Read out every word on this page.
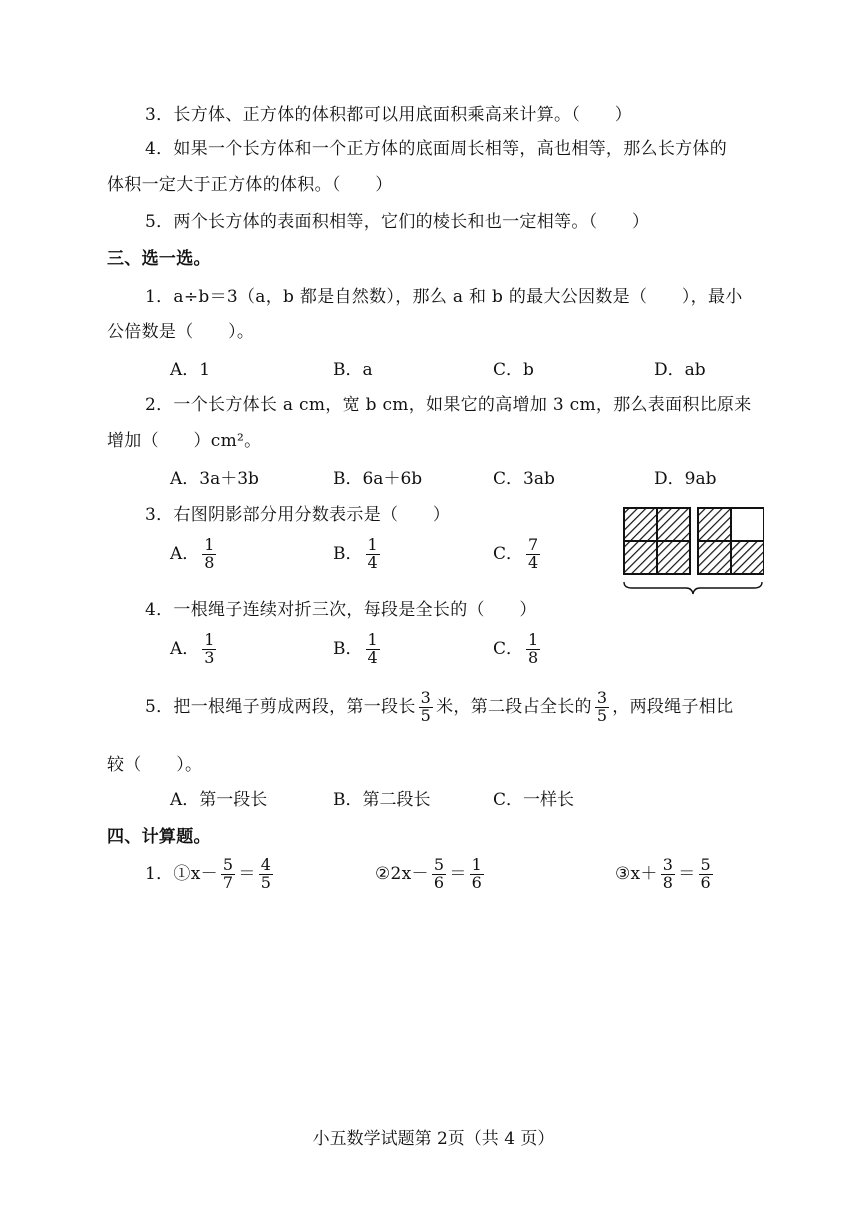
3．长方体、正方体的体积都可以用底面积乘高来计算。（　　）
4．如果一个长方体和一个正方体的底面周长相等，高也相等，那么长方体的
体积一定大于正方体的体积。（　　）
5．两个长方体的表面积相等，它们的棱长和也一定相等。（　　）
三、选一选。
1．a÷b＝3（a，b 都是自然数），那么 a 和 b 的最大公因数是（　　），最小
公倍数是（　　）。
A．1	B．a	C．b	D．ab
2．一个长方体长 a cm，宽 b cm，如果它的高增加 3 cm，那么表面积比原来
增加（　　）cm²。
A．3a＋3b	B．6a＋6b	C．3ab	D．9ab
3．右图阴影部分用分数表示是（　　）
A． $\frac{1}{8}$	B． $\frac{1}{4}$	C． $\frac{7}{4}$
4．一根绳子连续对折三次，每段是全长的（　　）
A． $\frac{1}{3}$	B． $\frac{1}{4}$	C． $\frac{1}{8}$
5．把一根绳子剪成两段，第一段长 $\frac{3}{5}$ 米，第二段占全长的 $\frac{3}{5}$ ，两段绳子相比
较（　　）。
A．第一段长	B．第二段长	C．一样长
四、计算题。
1．①x－ $\frac{5}{7} = \frac{4}{5}$	②2x－ $\frac{5}{6} = \frac{1}{6}$	③x＋ $\frac{3}{8} = \frac{5}{6}$
小五数学试题第 2页（共 4 页）
